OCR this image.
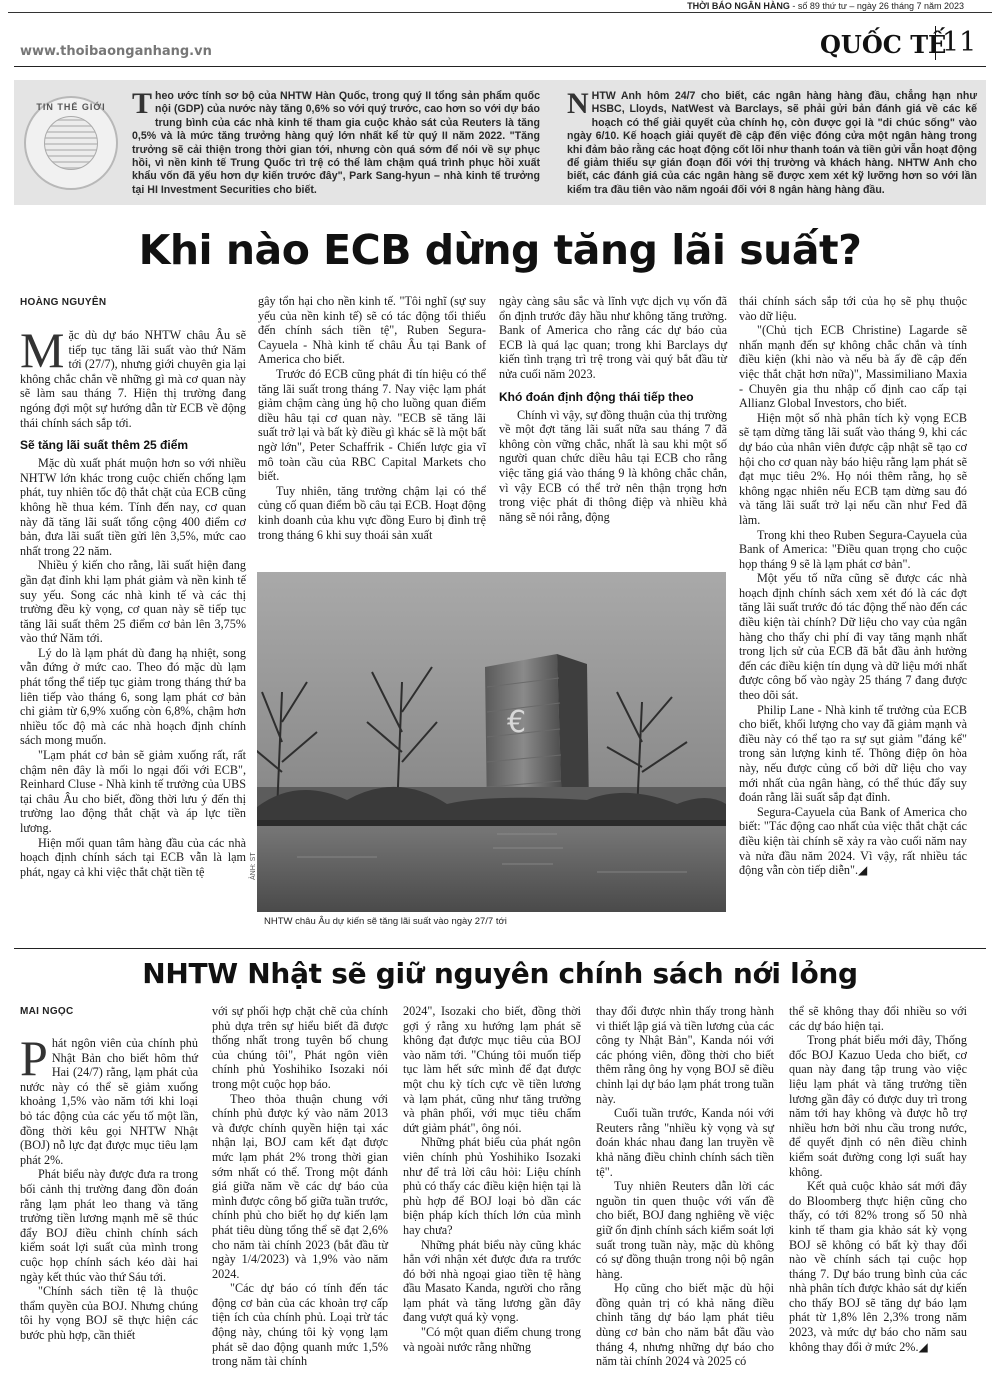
THỜI BÁO NGÂN HÀNG - số 89 thứ tư – ngày 26 tháng 7 năm 2023
www.thoibaonganhang.vn	QUỐC TẾ
11
TIN THẾ GIỚI Theo ước tính sơ bộ của NHTW Hàn Quốc, trong quý II tổng sản phẩm quốc nội (GDP) của nước này tăng 0,6% so với quý trước, cao hơn so với dự báo trung bình của các nhà kinh tế tham gia cuộc khảo sát của Reuters là tăng 0,5% và là mức tăng trưởng hàng quý lớn nhất kể từ quý II năm 2022. "Tăng trưởng sẽ cải thiện trong thời gian tới, nhưng còn quá sớm để nói về sự phục hồi, vì nền kinh tế Trung Quốc trì trệ có thể làm chậm quá trình phục hồi xuất khẩu vốn đã yếu hơn dự kiến trước đây", Park Sang-hyun – nhà kinh tế trưởng tại HI Investment Securities cho biết.
NHTW Anh hôm 24/7 cho biết, các ngân hàng hàng đầu, chẳng hạn như HSBC, Lloyds, NatWest và Barclays, sẽ phải gửi bản đánh giá về các kế hoạch có thể giải quyết của chính họ, còn được gọi là "di chúc sống" vào ngày 6/10. Kế hoạch giải quyết đề cập đến việc đóng cửa một ngân hàng trong khi đảm bảo rằng các hoạt động cốt lõi như thanh toán và tiền gửi vẫn hoạt động để giảm thiểu sự gián đoạn đối với thị trường và khách hàng. NHTW Anh cho biết, các đánh giá của các ngân hàng sẽ được xem xét kỹ lưỡng hơn so với lần kiểm tra đầu tiên vào năm ngoái đối với 8 ngân hàng hàng đầu.
Khi nào ECB dừng tăng lãi suất?
HOÀNG NGUYÊN

Mặc dù dự báo NHTW châu Âu sẽ tiếp tục tăng lãi suất vào thứ Năm tới (27/7), nhưng giới chuyên gia lại không chắc chắn về những gì mà cơ quan này sẽ làm sau tháng 7. Hiện thị trường đang ngóng đợi một sự hướng dẫn từ ECB về động thái chính sách sắp tới.

Sẽ tăng lãi suất thêm 25 điểm

Mặc dù xuất phát muộn hơn so với nhiều NHTW lớn khác trong cuộc chiến chống lạm phát, tuy nhiên tốc độ thắt chặt của ECB cũng không hề thua kém. Tính đến nay, cơ quan này đã tăng lãi suất tổng cộng 400 điểm cơ bản, đưa lãi suất tiền gửi lên 3,5%, mức cao nhất trong 22 năm.

Nhiều ý kiến cho rằng, lãi suất hiện đang gần đạt đỉnh khi lạm phát giảm và nền kinh tế suy yếu. Song các nhà kinh tế và các thị trường đều kỳ vọng, cơ quan này sẽ tiếp tục tăng lãi suất thêm 25 điểm cơ bản lên 3,75% vào thứ Năm tới.

Lý do là lạm phát dù đang hạ nhiệt, song vẫn đứng ở mức cao. Theo đó mặc dù lạm phát tổng thể tiếp tục giảm trong tháng thứ ba liên tiếp vào tháng 6, song lạm phát cơ bản chỉ giảm từ 6,9% xuống còn 6,8%, chậm hơn nhiều tốc độ mà các nhà hoạch định chính sách mong muốn.

"Lạm phát cơ bản sẽ giảm xuống rất, rất chậm nên đây là mối lo ngại đối với ECB", Reinhard Cluse - Nhà kinh tế trưởng của UBS tại châu Âu cho biết, đồng thời lưu ý đến thị trường lao động thắt chặt và áp lực tiền lương.

Hiện mối quan tâm hàng đầu của các nhà hoạch định chính sách tại ECB vẫn là lạm phát, ngay cả khi việc thắt chặt tiền tệ

gây tổn hại cho nền kinh tế. "Tôi nghĩ (sự suy yếu của nền kinh tế) sẽ có tác động tối thiểu đến chính sách tiền tệ", Ruben Segura-Cayuela - Nhà kinh tế châu Âu tại Bank of America cho biết.

Trước đó ECB cũng phát đi tín hiệu có thể tăng lãi suất trong tháng 7. Nay việc lạm phát giảm chậm càng ủng hộ cho luồng quan điểm diều hâu tại cơ quan này. "ECB sẽ tăng lãi suất trở lại và bất kỳ điều gì khác sẽ là một bất ngờ lớn", Peter Schaffrik - Chiến lược gia vĩ mô toàn cầu của RBC Capital Markets cho biết.

Tuy nhiên, tăng trưởng chậm lại có thể củng cố quan điểm bồ câu tại ECB. Hoạt động kinh doanh của khu vực đồng Euro bị đình trệ trong tháng 6 khi suy thoái sản xuất

ngày càng sâu sắc và lĩnh vực dịch vụ vốn đã ổn định trước đây hầu như không tăng trưởng. Bank of America cho rằng các dự báo của ECB là quá lạc quan; trong khi Barclays dự kiến tình trạng trì trệ trong vài quý bắt đầu từ nửa cuối năm 2023.

Khó đoán định động thái tiếp theo

Chính vì vậy, sự đồng thuận của thị trường về một đợt tăng lãi suất nữa sau tháng 7 đã không còn vững chắc, nhất là sau khi một số người quan chức diều hâu tại ECB cho rằng việc tăng giá vào tháng 9 là không chắc chắn, vì vậy ECB có thể trở nên thận trọng hơn trong việc phát đi thông điệp và nhiều khả năng sẽ nói rằng, động

thái chính sách sắp tới của họ sẽ phụ thuộc vào dữ liệu.

"(Chủ tịch ECB Christine) Lagarde sẽ nhấn mạnh đến sự không chắc chắn và tính điều kiện (khi nào và nếu bà ấy đề cập đến việc thắt chặt hơn nữa)", Massimiliano Maxia - Chuyên gia thu nhập cố định cao cấp tại Allianz Global Investors, cho biết.

Hiện một số nhà phân tích kỳ vọng ECB sẽ tạm dừng tăng lãi suất vào tháng 9, khi các dự báo của nhân viên được cập nhật sẽ tạo cơ hội cho cơ quan này báo hiệu rằng lạm phát sẽ đạt mục tiêu 2%. Họ nói thêm rằng, họ sẽ không ngạc nhiên nếu ECB tạm dừng sau đó và tăng lãi suất trở lại nếu cần như Fed đã làm.

Trong khi theo Ruben Segura-Cayuela của Bank of America: "Điều quan trọng cho cuộc họp tháng 9 sẽ là lạm phát cơ bản".

Một yếu tố nữa cũng sẽ được các nhà hoạch định chính sách xem xét đó là các đợt tăng lãi suất trước đó tác động thế nào đến các điều kiện tài chính? Dữ liệu cho vay của ngân hàng cho thấy chi phí đi vay tăng mạnh nhất trong lịch sử của ECB đã bắt đầu ảnh hưởng đến các điều kiện tín dụng và dữ liệu mới nhất được công bố vào ngày 25 tháng 7 đang được theo dõi sát.

Philip Lane - Nhà kinh tế trưởng của ECB cho biết, khối lượng cho vay đã giảm mạnh và điều này có thể tạo ra sự sụt giảm "đáng kể" trong sản lượng kinh tế. Thông điệp ôn hòa này, nếu được củng cố bởi dữ liệu cho vay mới nhất của ngân hàng, có thể thúc đẩy suy đoán rằng lãi suất sắp đạt đỉnh.

Segura-Cayuela của Bank of America cho biết: "Tác động cao nhất của việc thắt chặt các điều kiện tài chính sẽ xảy ra vào cuối năm nay và nửa đầu năm 2024. Vì vậy, rất nhiều tác động vẫn còn tiếp diễn".◢

€
ẢNH: ST
NHTW châu Âu dự kiến sẽ tăng lãi suất vào ngày 27/7 tới
NHTW Nhật sẽ giữ nguyên chính sách nới lỏng
MAI NGỌC

Phát ngôn viên của chính phủ Nhật Bản cho biết hôm thứ Hai (24/7) rằng, lạm phát của nước này có thể sẽ giảm xuống khoảng 1,5% vào năm tới khi loại bỏ tác động của các yếu tố một lần, đồng thời kêu gọi NHTW Nhật (BOJ) nỗ lực đạt được mục tiêu lạm phát 2%.

Phát biểu này được đưa ra trong bối cảnh thị trường đang đồn đoán rằng lạm phát leo thang và tăng trưởng tiền lương mạnh mẽ sẽ thúc đẩy BOJ điều chỉnh chính sách kiểm soát lợi suất của mình trong cuộc họp chính sách kéo dài hai ngày kết thúc vào thứ Sáu tới.

"Chính sách tiền tệ là thuộc thẩm quyền của BOJ. Nhưng chúng tôi hy vọng BOJ sẽ thực hiện các bước phù hợp, cần thiết

với sự phối hợp chặt chẽ của chính phủ dựa trên sự hiểu biết đã được thống nhất trong tuyên bố chung của chúng tôi", Phát ngôn viên chính phủ Yoshihiko Isozaki nói trong một cuộc họp báo.

Theo thỏa thuận chung với chính phủ được ký vào năm 2013 và được chính quyền hiện tại xác nhận lại, BOJ cam kết đạt được mức lạm phát 2% trong thời gian sớm nhất có thể. Trong một đánh giá giữa năm về các dự báo của mình được công bố giữa tuần trước, chính phủ cho biết họ dự kiến lạm phát tiêu dùng tổng thể sẽ đạt 2,6% cho năm tài chính 2023 (bắt đầu từ ngày 1/4/2023) và 1,9% vào năm 2024.

"Các dự báo có tính đến tác động cơ bản của các khoản trợ cấp tiện ích của chính phủ. Loại trừ tác động này, chúng tôi kỳ vọng lạm phát sẽ dao động quanh mức 1,5% trong năm tài chính

2024", Isozaki cho biết, đồng thời gợi ý rằng xu hướng lạm phát sẽ không đạt được mục tiêu của BOJ vào năm tới. "Chúng tôi muốn tiếp tục làm hết sức mình để đạt được một chu kỳ tích cực về tiền lương và lạm phát, cũng như tăng trưởng và phân phối, với mục tiêu chấm dứt giảm phát", ông nói.

Những phát biểu của phát ngôn viên chính phủ Yoshihiko Isozaki như để trả lời câu hỏi: Liệu chính phủ có thấy các điều kiện hiện tại là phù hợp để BOJ loại bỏ dần các biện pháp kích thích lớn của mình hay chưa?

Những phát biểu này cũng khác hẳn với nhận xét được đưa ra trước đó bởi nhà ngoại giao tiền tệ hàng đầu Masato Kanda, người cho rằng lạm phát và tăng lương gần đây đang vượt quá kỳ vọng.

"Có một quan điểm chung trong và ngoài nước rằng những

thay đổi được nhìn thấy trong hành vi thiết lập giá và tiền lương của các công ty Nhật Bản", Kanda nói với các phóng viên, đồng thời cho biết thêm rằng ông hy vọng BOJ sẽ điều chỉnh lại dự báo lạm phát trong tuần này.

Cuối tuần trước, Kanda nói với Reuters rằng "nhiều kỳ vọng và sự đoán khác nhau đang lan truyền về khả năng điều chỉnh chính sách tiền tệ".

Tuy nhiên Reuters dẫn lời các nguồn tin quen thuộc với vấn đề cho biết, BOJ đang nghiêng về việc giữ ổn định chính sách kiểm soát lợi suất trong tuần này, mặc dù không có sự đồng thuận trong nội bộ ngân hàng.

Họ cũng cho biết mặc dù hội đồng quản trị có khả năng điều chỉnh tăng dự báo lạm phát tiêu dùng cơ bản cho năm bắt đầu vào tháng 4, nhưng những dự báo cho năm tài chính 2024 và 2025 có

thể sẽ không thay đổi nhiều so với các dự báo hiện tại.

Trong phát biểu mới đây, Thống đốc BOJ Kazuo Ueda cho biết, cơ quan này đang tập trung vào việc liệu lạm phát và tăng trưởng tiền lương gần đây có được duy trì trong năm tới hay không và được hỗ trợ nhiều hơn bởi nhu cầu trong nước, để quyết định có nên điều chỉnh kiểm soát đường cong lợi suất hay không.

Kết quả cuộc khảo sát mới đây do Bloomberg thực hiện cũng cho thấy, có tới 82% trong số 50 nhà kinh tế tham gia khảo sát kỳ vọng BOJ sẽ không có bất kỳ thay đổi nào về chính sách tại cuộc họp tháng 7. Dự báo trung bình của các nhà phân tích được khảo sát dự kiến cho thấy BOJ sẽ tăng dự báo lạm phát từ 1,8% lên 2,3% trong năm 2023, và mức dự báo cho năm sau không thay đổi ở mức 2%.◢
